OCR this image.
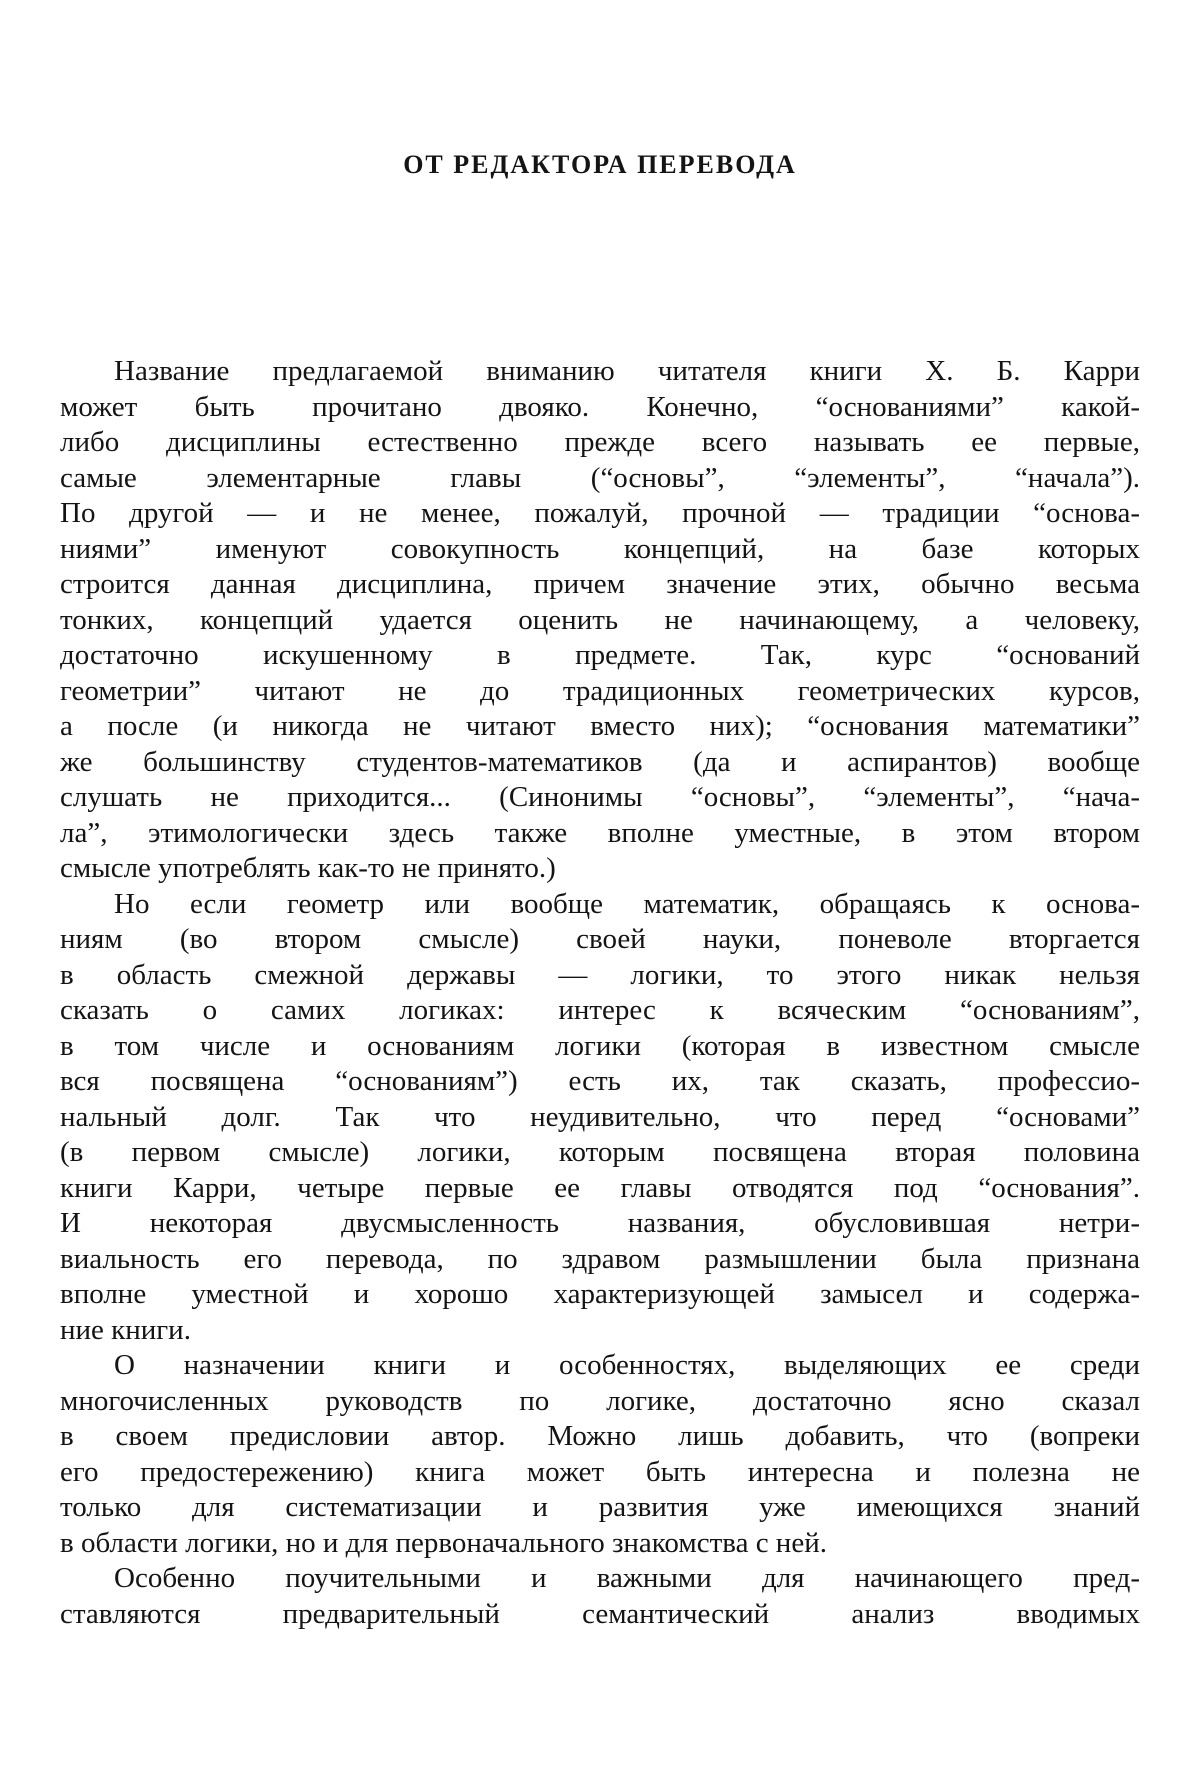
ОТ РЕДАКТОРА ПЕРЕВОДА

Название предлагаемой вниманию читателя книги Х. Б. Карри
может быть прочитано двояко. Конечно, “основаниями” какой-
либо дисциплины естественно прежде всего называть ее первые,
самые элементарные главы (“основы”, “элементы”, “начала”).
По другой — и не менее, пожалуй, прочной — традиции “основа-
ниями” именуют совокупность концепций, на базе которых
строится данная дисциплина, причем значение этих, обычно весьма
тонких, концепций удается оценить не начинающему, а человеку,
достаточно искушенному в предмете. Так, курс “оснований
геометрии” читают не до традиционных геометрических курсов,
а после (и никогда не читают вместо них); “основания математики”
же большинству студентов-математиков (да и аспирантов) вообще
слушать не приходится... (Синонимы “основы”, “элементы”, “нача-
ла”, этимологически здесь также вполне уместные, в этом втором
смысле употреблять как-то не принято.)

Но если геометр или вообще математик, обращаясь к основа-
ниям (во втором смысле) своей науки, поневоле вторгается
в область смежной державы — логики, то этого никак нельзя
сказать о самих логиках: интерес к всяческим “основаниям”,
в том числе и основаниям логики (которая в известном смысле
вся посвящена “основаниям”) есть их, так сказать, профессио-
нальный долг. Так что неудивительно, что перед “основами”
(в первом смысле) логики, которым посвящена вторая половина
книги Карри, четыре первые ее главы отводятся под “основания”.
И некоторая двусмысленность названия, обусловившая нетри-
виальность его перевода, по здравом размышлении была признана
вполне уместной и хорошо характеризующей замысел и содержа-
ние книги.

О назначении книги и особенностях, выделяющих ее среди
многочисленных руководств по логике, достаточно ясно сказал
в своем предисловии автор. Можно лишь добавить, что (вопреки
его предостережению) книга может быть интересна и полезна не
только для систематизации и развития уже имеющихся знаний
в области логики, но и для первоначального знакомства с ней.

Особенно поучительными и важными для начинающего пред-
ставляются предварительный семантический анализ вводимых
